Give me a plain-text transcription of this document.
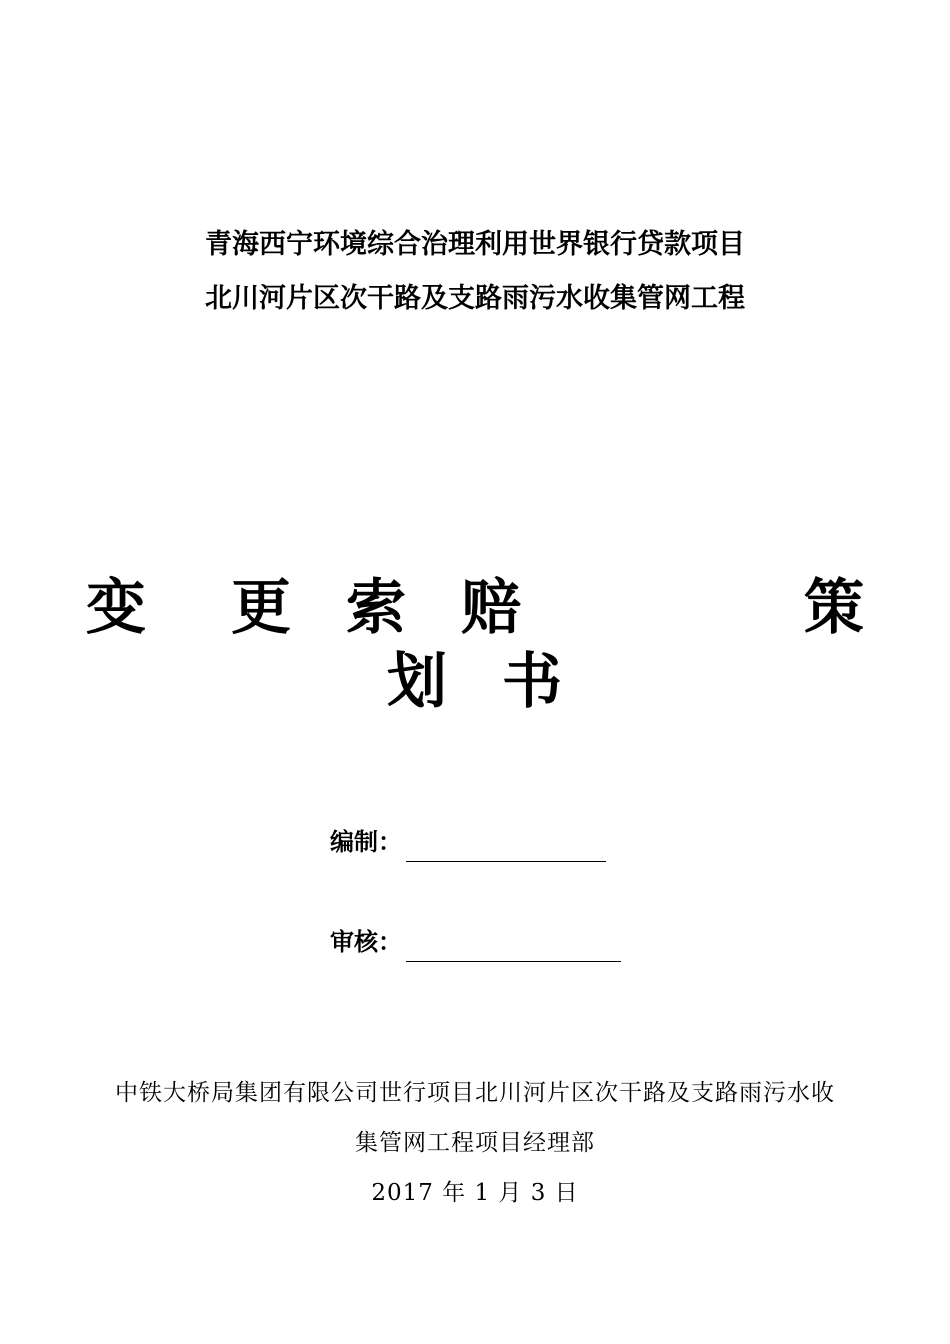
青海西宁环境综合治理利用世界银行贷款项目
北川河片区次干路及支路雨污水收集管网工程
变 更 索 赔	策
划 书
编制：
审核：
中铁大桥局集团有限公司世行项目北川河片区次干路及支路雨污水收
集管网工程项目经理部
2017 年 1 月 3 日
